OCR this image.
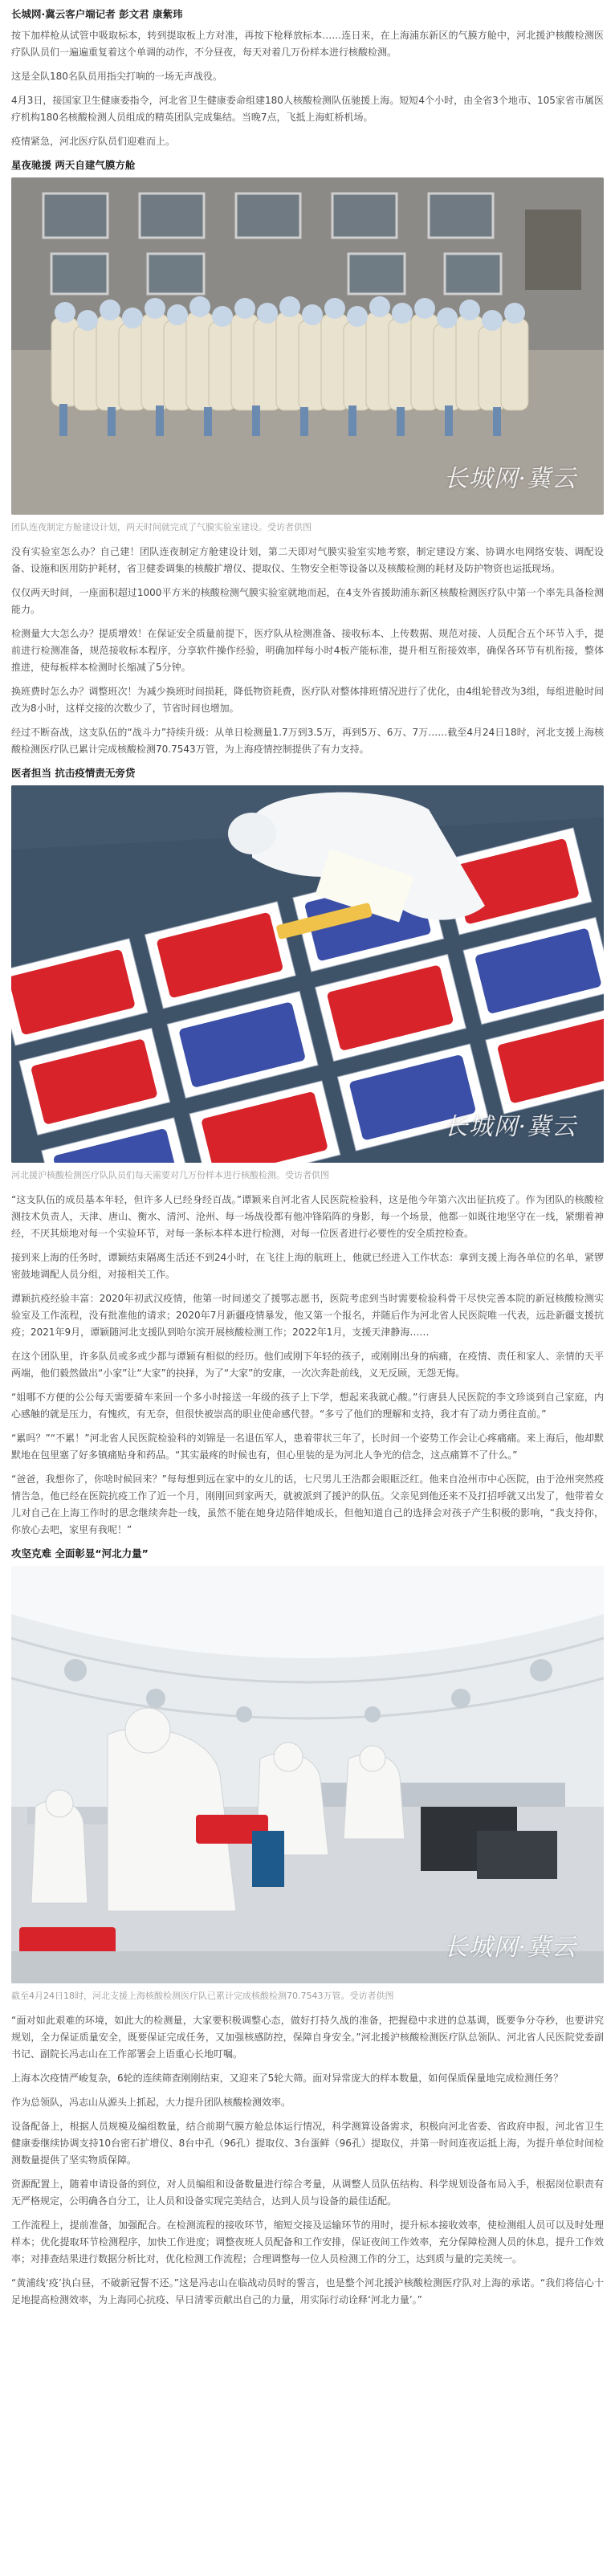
长城网·冀云客户端记者 彭文君 康紫玮

按下加样枪从试管中吸取标本，转到提取板上方对准，再按下枪释放标本……连日来，在上海浦东新区的气膜方舱中，河北援沪核酸检测医疗队队员们一遍遍重复着这个单调的动作，不分昼夜，每天对着几万份样本进行核酸检测。

这是全队180名队员用指尖打响的一场无声战役。

4月3日，接国家卫生健康委指令，河北省卫生健康委命组建180人核酸检测队伍驰援上海。短短4个小时，由全省3个地市、105家省市属医疗机构180名核酸检测人员组成的精英团队完成集结。当晚7点，飞抵上海虹桥机场。

疫情紧急，河北医疗队员们迎难而上。

星夜驰援 两天自建气膜方舱
长城网·冀云
团队连夜制定方舱建设计划，两天时间就完成了气膜实验室建设。受访者供图

没有实验室怎么办？自己建！团队连夜制定方舱建设计划，第二天即对气膜实验室实地考察，制定建设方案、协调水电网络安装、调配设备、设施和医用防护耗材，省卫健委调集的核酸扩增仪、提取仪、生物安全柜等设备以及核酸检测的耗材及防护物资也运抵现场。

仅仅两天时间，一座面积超过1000平方米的核酸检测气膜实验室就地而起，在4支外省援助浦东新区核酸检测医疗队中第一个率先具备检测能力。

检测量大大怎么办？提质增效！在保证安全质量前提下，医疗队从检测准备、接收标本、上传数据、规范对接、人员配合五个环节入手，提前进行检测准备，规范接收标本程序，分享软件操作经验，明确加样每小时4板产能标准，提升相互衔接效率，确保各环节有机衔接，整体推进，使每板样本检测时长缩减了5分钟。

换班费时怎么办？调整班次！为减少换班时间损耗，降低物资耗费，医疗队对整体排班情况进行了优化，由4组轮替改为3组，每组进舱时间改为8小时，这样交接的次数少了，节省时间也增加。

经过不断奋战，这支队伍的“战斗力”持续升级：从单日检测量1.7万到3.5万，再到5万、6万、7万……截至4月24日18时，河北支援上海核酸检测医疗队已累计完成核酸检测70.7543万管，为上海疫情控制提供了有力支持。

医者担当 抗击疫情责无旁贷
长城网·冀云
河北援沪核酸检测医疗队队员们每天需要对几万份样本进行核酸检测。受访者供图

“这支队伍的成员基本年轻，但许多人已经身经百战。”谭颖来自河北省人民医院检验科，这是他今年第六次出征抗疫了。作为团队的核酸检测技术负责人，天津、唐山、衡水、清河、沧州、每一场战役都有他冲锋陷阵的身影，每一个场景，他都一如既往地坚守在一线，紧绷着神经，不厌其烦地对每一个实验环节，对每一条标本样本进行检测，对每一位医者进行必要性的安全质控检查。

接到来上海的任务时，谭颖结束隔离生活还不到24小时，在飞往上海的航班上，他就已经进入工作状态：拿到支援上海各单位的名单，紧锣密鼓地调配人员分组，对接相关工作。

谭颖抗疫经验丰富：2020年初武汉疫情，他第一时间递交了援鄂志愿书，医院考虑到当时需要检验科骨干尽快完善本院的新冠核酸检测实验室及工作流程，没有批准他的请求；2020年7月新疆疫情暴发，他又第一个报名，并随后作为河北省人民医院唯一代表，远赴新疆支援抗疫；2021年9月，谭颖随河北支援队到哈尔滨开展核酸检测工作；2022年1月，支援天津静海……

在这个团队里，许多队员或多或少都与谭颖有相似的经历。他们或刚下年轻的孩子，或刚刚出身的病痛，在疫情、责任和家人、亲情的天平两端，他们毅然做出“小家”让“大家”的抉择，为了“大家”的安康，一次次奔赴前线，义无反顾，无怨无悔。

“姐哪不方便的公公每天需要骑车来回一个多小时接送一年级的孩子上下学，想起来我就心酸。”行唐县人民医院的李文珍谈到自己家庭，内心感触的就是压力，有愧疚，有无奈，但很快被崇高的职业使命感代替。“多亏了他们的理解和支持，我才有了动力勇往直前。”

“累吗？”“不累！”河北省人民医院检验科的刘锦是一名退伍军人，患着带状三年了，长时间一个姿势工作会让心疼痛痛。来上海后，他却默默地在包里塞了好多镇痛贴身和药品。“其实最疼的时候也有，但心里装的是为河北人争光的信念，这点痛算不了什么。”

“爸爸，我想你了，你啥时候回来？”每每想到远在家中的女儿的话，七尺男儿王浩都会眼眶泛红。他来自沧州市中心医院，由于沧州突然疫情告急，他已经在医院抗疫工作了近一个月，刚刚回到家两天，就被派到了援沪的队伍。父亲见到他还来不及打招呼就又出发了，他带着女儿对自己在上海工作时的思念继续奔赴一线，虽然不能在她身边陪伴她成长，但他知道自己的选择会对孩子产生积极的影响，“我支持你，你放心去吧，家里有我呢！”

攻坚克难 全面彰显“河北力量”
长城网·冀云
截至4月24日18时，河北支援上海核酸检测医疗队已累计完成核酸检测70.7543万管。受访者供图

“面对如此艰难的环境，如此大的检测量，大家要积极调整心态，做好打持久战的准备，把握稳中求进的总基调，既要争分夺秒，也要讲究规划，全力保证质量安全，既要保证完成任务，又加强核感防控，保障自身安全。”河北援沪核酸检测医疗队总领队、河北省人民医院党委副书记、副院长冯志山在工作部署会上语重心长地叮嘱。

上海本次疫情严峻复杂，6轮的连续筛查刚刚结束，又迎来了5轮大筛。面对异常庞大的样本数量，如何保质保量地完成检测任务？

作为总领队，冯志山从源头上抓起，大力提升团队核酸检测效率。

设备配备上，根据人员规模及编组数量，结合前期气膜方舱总体运行情况，科学测算设备需求，积极向河北省委、省政府申报，河北省卫生健康委继续协调支持10台密石扩增仪、8台中孔（96孔）提取仪、3台蛋鲜（96孔）提取仪，并第一时间连夜运抵上海，为提升单位时间检测数量提供了坚实物质保障。

资源配置上，随着申请设备的到位，对人员编组和设备数量进行综合考量，从调整人员队伍结构、科学规划设备布局入手，根据岗位职责有无严格规定，公明确各自分工，让人员和设备实现完美结合，达到人员与设备的最佳适配。

工作流程上，提前准备，加强配合。在检测流程的接收环节，缩短交接及运输环节的用时，提升标本接收效率，使检测组人员可以及时处理样本；优化提取环节检测程序，加快工作进度；调整夜班人员配备和工作安排，保证夜间工作效率，充分保障检测人员的休息，提升工作效率；对排查结果进行数据分析比对，优化检测工作流程；合理调整每一位人员检测工作的分工，达到质与量的完美统一。

“黄浦线‘疫’执白昼，不破新冠誓不还。”这是冯志山在临战动员时的誓言，也是整个河北援沪核酸检测医疗队对上海的承诺。“我们将信心十足地提高检测效率，为上海同心抗疫、早日清零贡献出自己的力量，用实际行动诠释‘河北力量’。”
